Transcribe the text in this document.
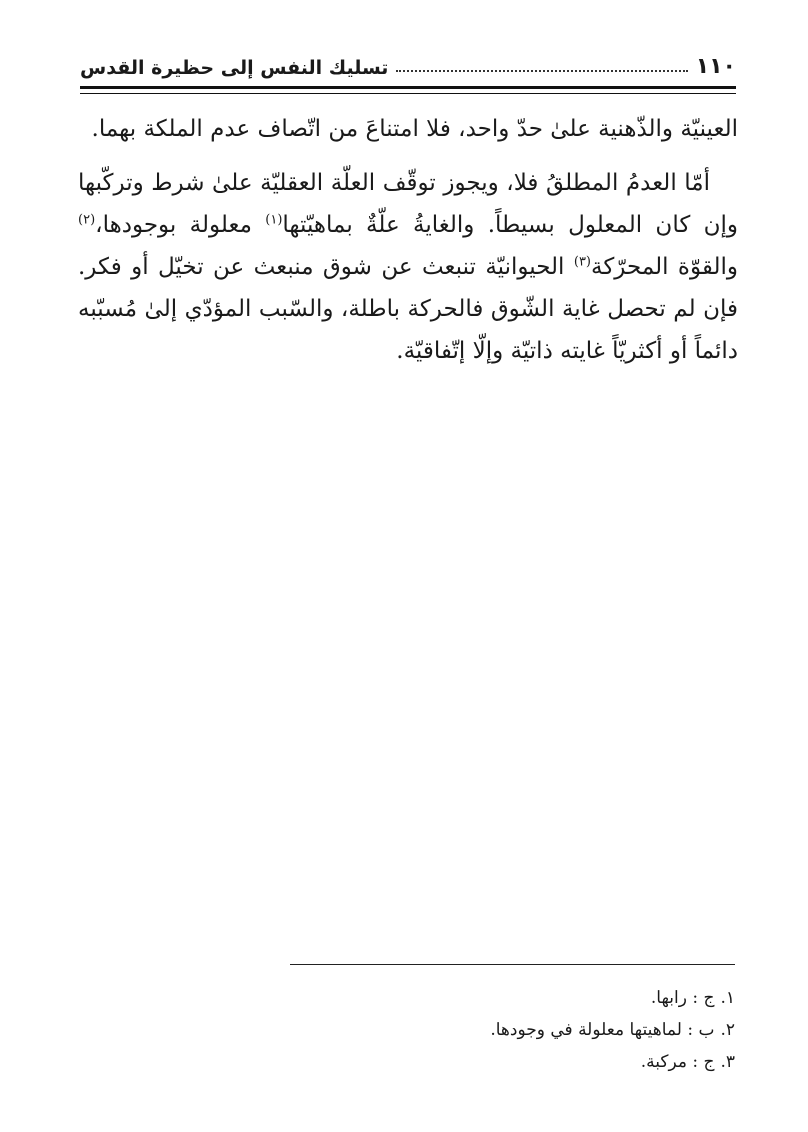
١١٠
تسليك النفس إلى حظيرة القدس

العينيّة والذّهنية علىٰ حدّ واحد، فلا امتناعَ من اتّصاف عدم الملكة بهما.

أمّا العدمُ المطلقُ فلا، ويجوز توقّف العلّة العقليّة علىٰ شرط وتركّبها وإن كان المعلول بسيطاً. والغايةُ علّةٌ بماهيّتها$^{(١)}$ معلولة بوجودها،$^{(٢)}$ والقوّة المحرّكة$^{(٣)}$ الحيوانيّة تنبعث عن شوق منبعث عن تخيّل أو فكر. فإن لم تحصل غاية الشّوق فالحركة باطلة، والسّبب المؤدّي إلىٰ مُسبّبه دائماً أو أكثريّاً غايته ذاتيّة وإلّا إتّفاقيّة.

١.
ج : رابها.
٢.
ب : لماهيتها معلولة في وجودها.
٣.
ج : مركبة.
